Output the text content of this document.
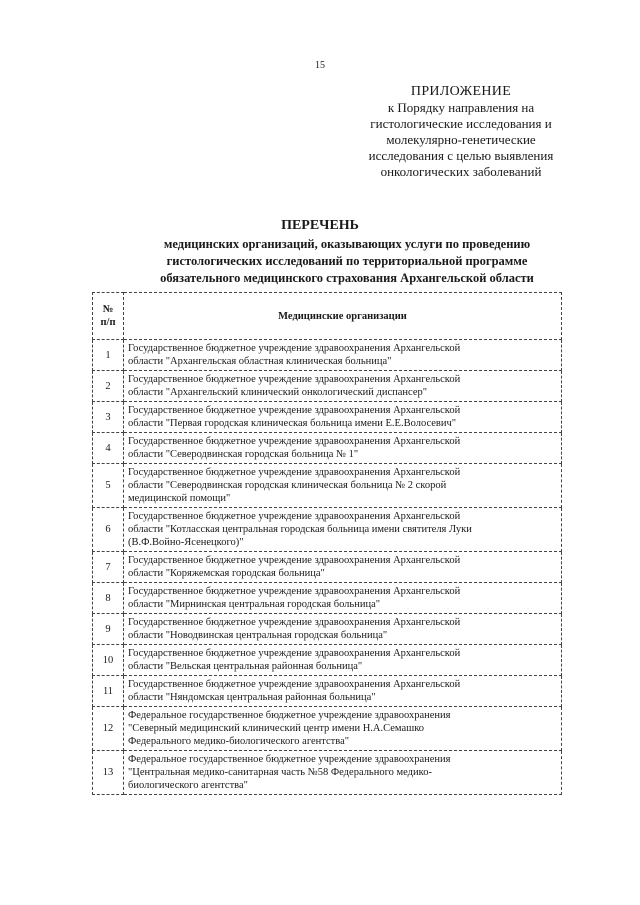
15
ПРИЛОЖЕНИЕ
к Порядку направления на
гистологические исследования и
молекулярно-генетические
исследования с целью выявления
онкологических заболеваний
ПЕРЕЧЕНЬ
медицинских организаций, оказывающих услуги по проведению
гистологических исследований по территориальной программе
обязательного медицинского страхования Архангельской области
№ п/п	Медицинские организации
1	Государственное бюджетное учреждение здравоохранения Архангельской
области "Архангельская областная клиническая больница"

2	Государственное бюджетное учреждение здравоохранения Архангельской
области "Архангельский клинический онкологический диспансер"

3	Государственное бюджетное учреждение здравоохранения Архангельской
области "Первая городская клиническая больница имени Е.Е.Волосевич"

4	Государственное бюджетное учреждение здравоохранения Архангельской
области "Северодвинская городская больница № 1"

5	Государственное бюджетное учреждение здравоохранения Архангельской
области "Северодвинская городская клиническая больница № 2 скорой
медицинской помощи"

6	Государственное бюджетное учреждение здравоохранения Архангельской
области "Котласская центральная городская больница имени святителя Луки
(В.Ф.Войно-Ясенецкого)"

7	Государственное бюджетное учреждение здравоохранения Архангельской
области "Коряжемская городская больница"

8	Государственное бюджетное учреждение здравоохранения Архангельской
области "Мирнинская центральная городская больница"

9	Государственное бюджетное учреждение здравоохранения Архангельской
области "Новодвинская центральная городская больница"

10	Государственное бюджетное учреждение здравоохранения Архангельской
области "Вельская центральная районная больница"

11	Государственное бюджетное учреждение здравоохранения Архангельской
области "Няндомская центральная районная больница"

12	Федеральное государственное бюджетное учреждение здравоохранения
"Северный медицинский клинический центр имени Н.А.Семашко
Федерального медико-биологического агентства"

13	Федеральное государственное бюджетное учреждение здравоохранения
"Центральная медико-санитарная часть №58 Федерального медико-
биологического агентства"
